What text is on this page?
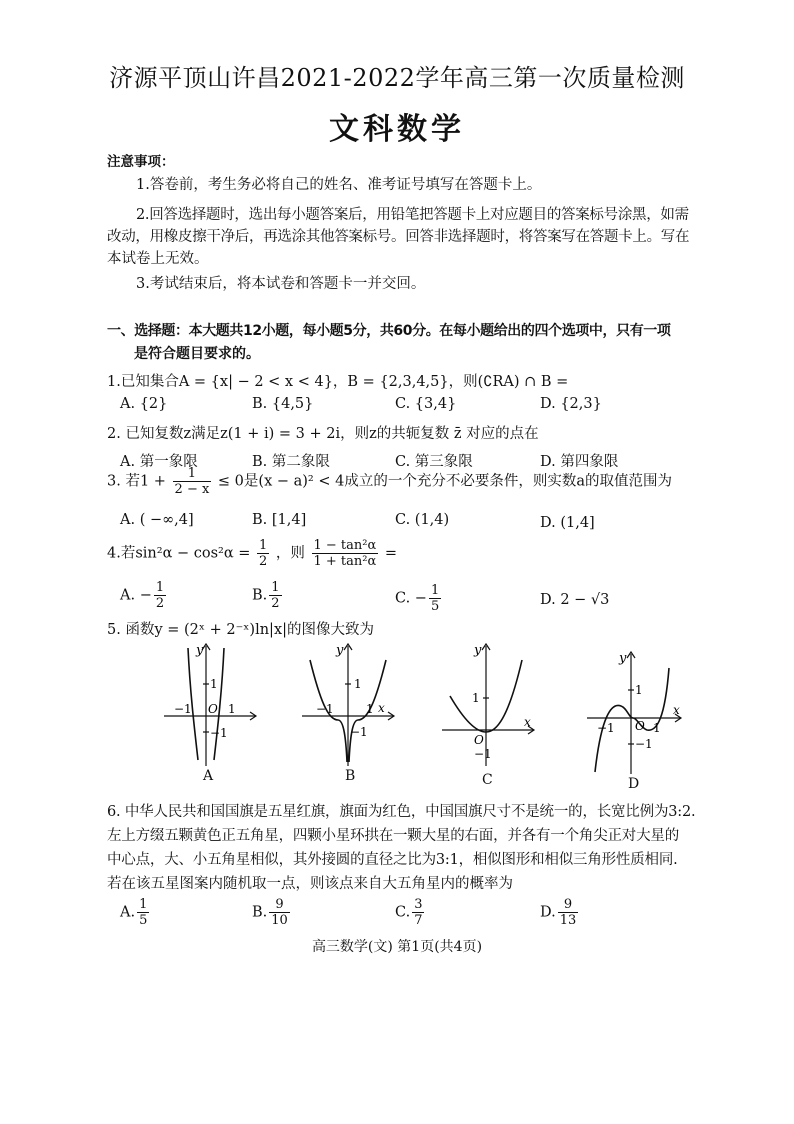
济源平顶山许昌2021-2022学年高三第一次质量检测
文科数学
注意事项：
1.答卷前，考生务必将自己的姓名、准考证号填写在答题卡上。
2.回答选择题时，选出每小题答案后，用铅笔把答题卡上对应题目的答案标号涂黑，如需
改动，用橡皮擦干净后，再选涂其他答案标号。回答非选择题时，将答案写在答题卡上。写在
本试卷上无效。
3.考试结束后，将本试卷和答题卡一并交回。
一、选择题：本大题共12小题，每小题5分，共60分。在每小题给出的四个选项中，只有一项
是符合题目要求的。
1.已知集合A = {x| − 2 < x < 4}，B = {2,3,4,5}，则(∁RA) ∩ B =
A. {2}	B. {4,5}	C. {3,4}	D. {2,3}
2. 已知复数z满足z(1 + i) = 3 + 2i，则z的共轭复数 z̄ 对应的点在
A. 第一象限	B. 第二象限	C. 第三象限	D. 第四象限
3. 若$1 + \frac{1}{2 - x} \le 0$是(x − a)² < 4成立的一个充分不必要条件，则实数a的取值范围为
A. ( −∞,4]	B. [1,4]	C. (1,4)	D. (1,4]
4.若$\sin^2\alpha - \cos^2\alpha = \frac{1}{2}$ ，则 $\frac{\text{1 − tan²α}}{\text{1 + tan²α}}$ =
A. − $\frac{1}{2}$	B. $\frac{1}{2}$	C. − $\frac{1}{5}$	D. 2 − √3
5. 函数y = (2ˣ + 2⁻ˣ)ln|x|的图像大致为
y
1
O
−1	1
−1
A
y
1
x
−1	1
−1
B
y
1
O
x
−1
C
y
1
O
−1	1
x
−1
D
6. 中华人民共和国国旗是五星红旗，旗面为红色，中国国旗尺寸不是统一的，长宽比例为3:2.
左上方缀五颗黄色正五角星，四颗小星环拱在一颗大星的右面，并各有一个角尖正对大星的
中心点，大、小五角星相似，其外接圆的直径之比为3:1，相似图形和相似三角形性质相同.
若在该五星图案内随机取一点，则该点来自大五角星内的概率为
A. $\frac{1}{5}$	B. $\frac{9}{10}$	C. $\frac{3}{7}$	D. $\frac{9}{13}$
高三数学(文) 第1页(共4页)
